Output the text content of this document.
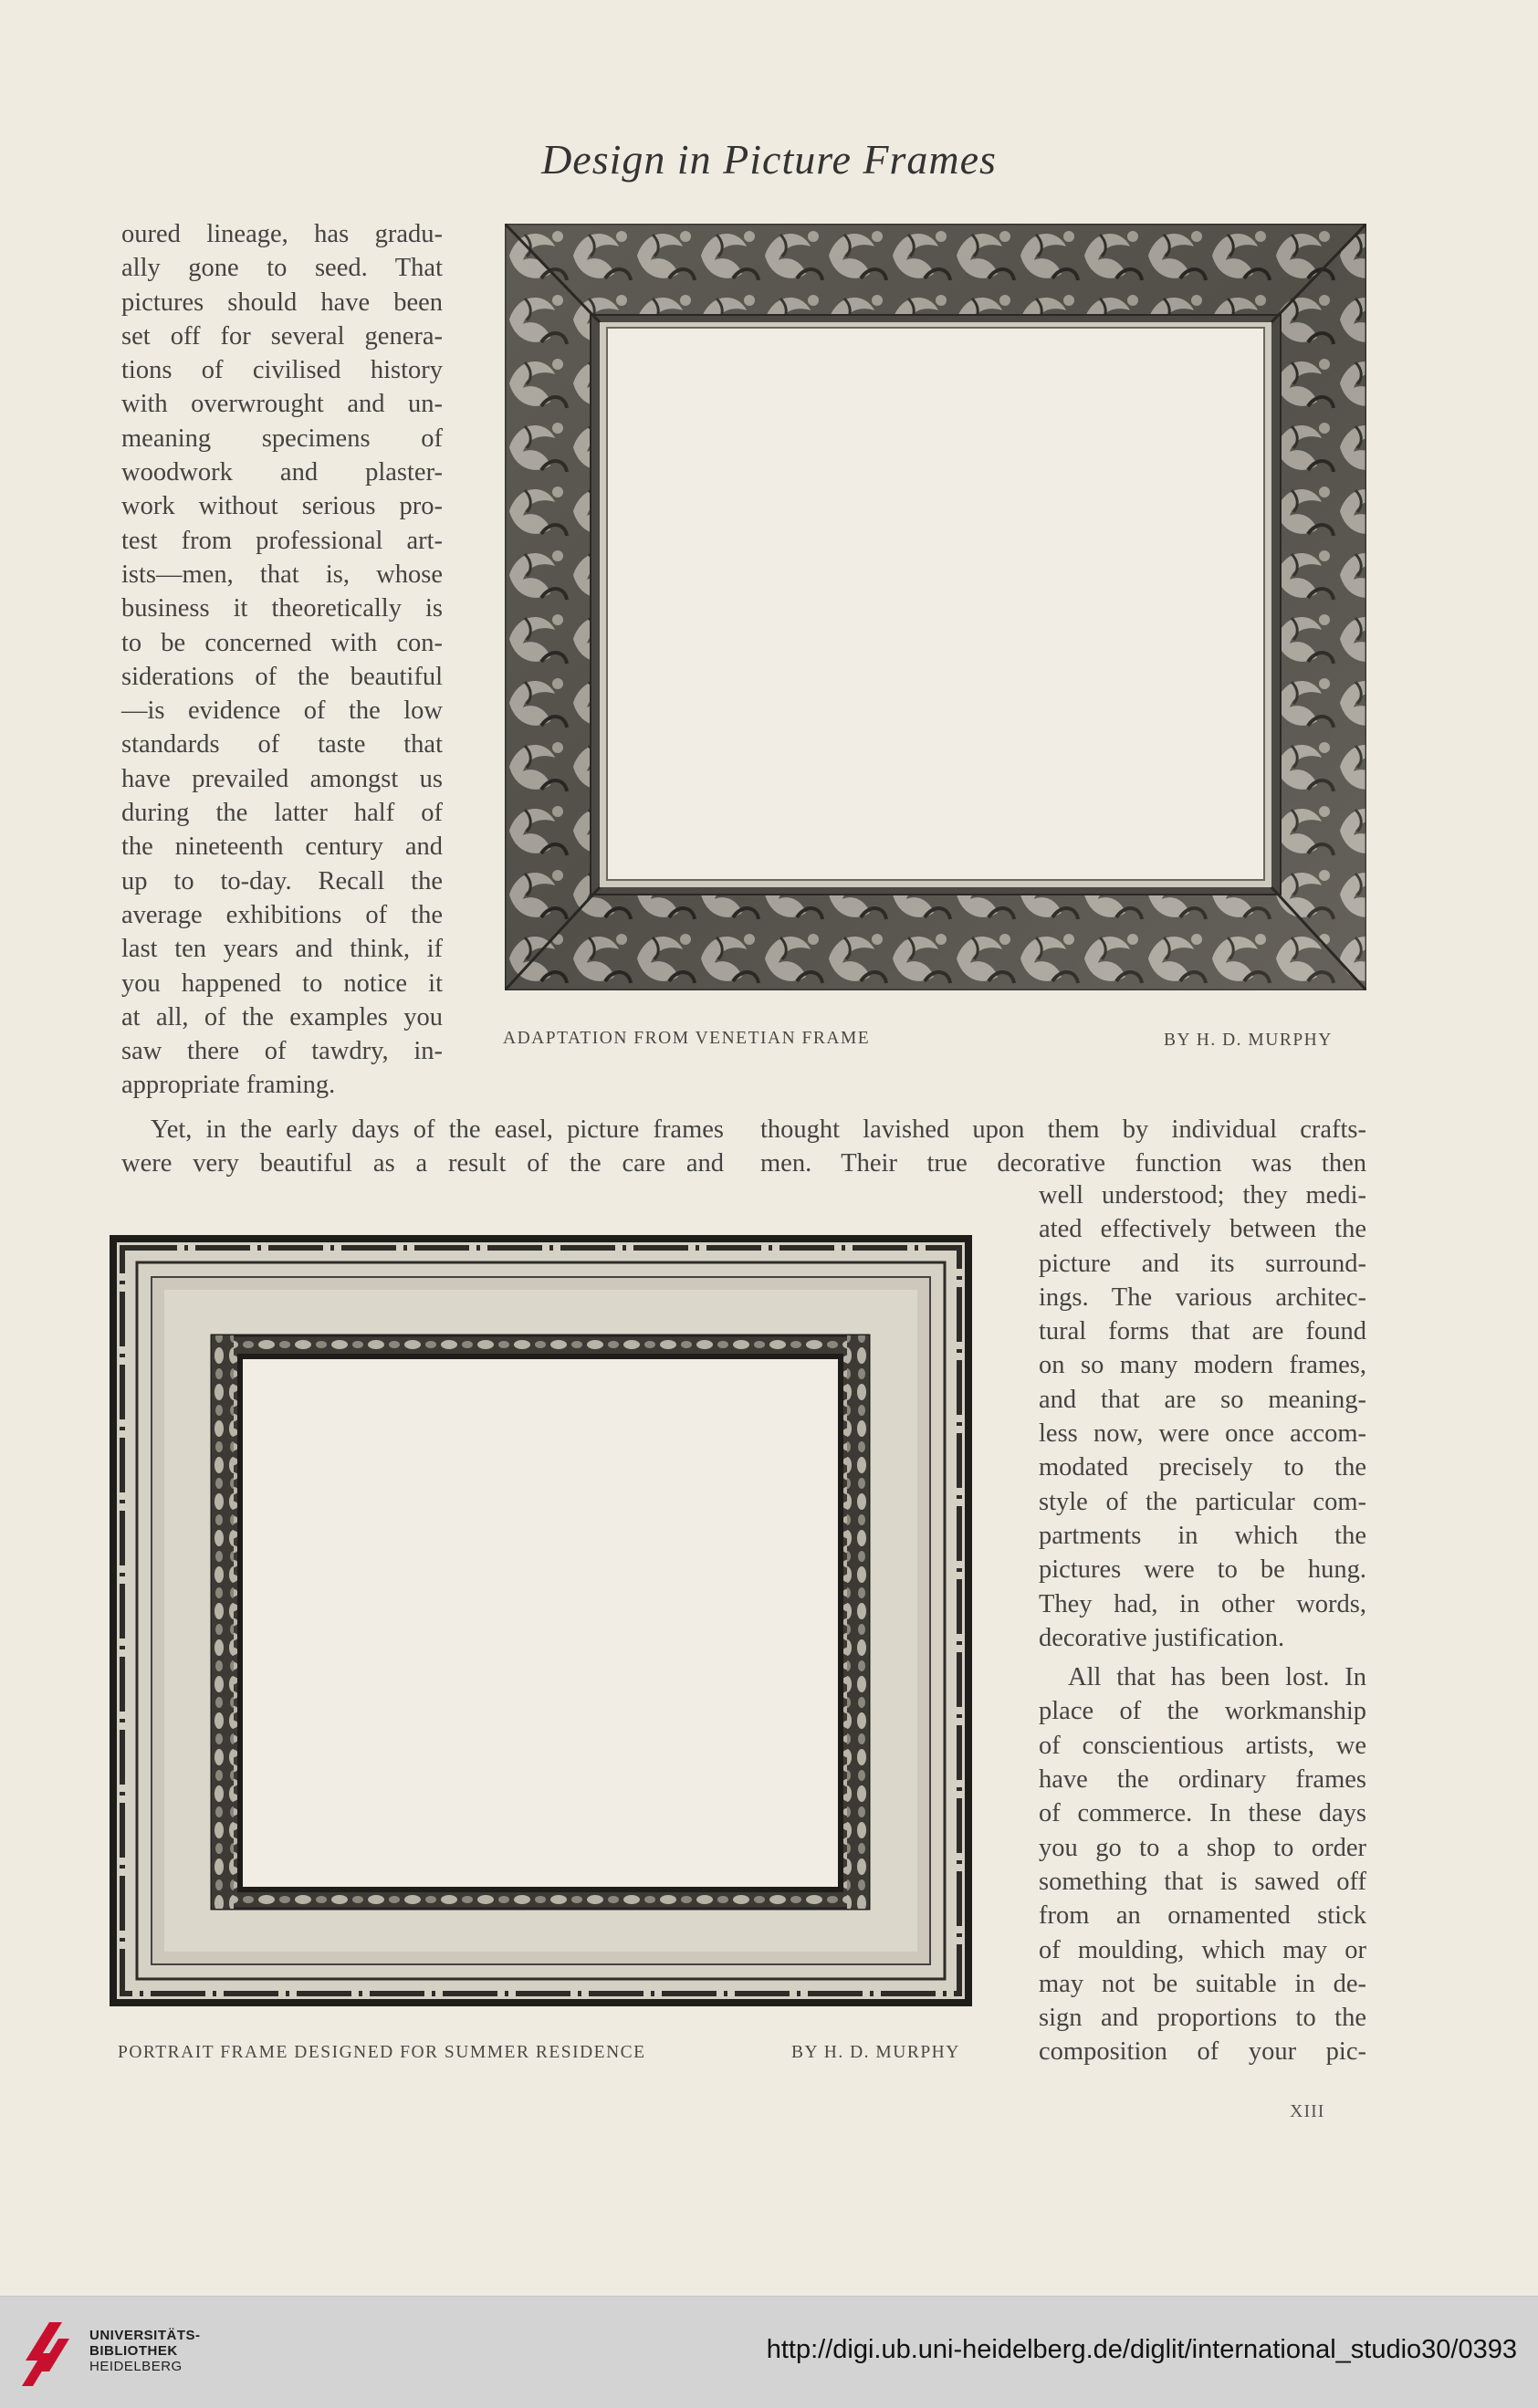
Design in Picture Frames

oured lineage, has gradu-

ally gone to seed. That

pictures should have been

set off for several genera-

tions of civilised history

with overwrought and un-

meaning specimens of

woodwork and plaster-

work without serious pro-

test from professional art-

ists—men, that is, whose

business it theoretically is

to be concerned with con-

siderations of the beautiful

—is evidence of the low

standards of taste that

have prevailed amongst us

during the latter half of

the nineteenth century and

up to to-day. Recall the

average exhibitions of the

last ten years and think, if

you happened to notice it

at all, of the examples you

saw there of tawdry, in-

appropriate framing.

ADAPTATION FROM VENETIAN FRAME	BY H. D. MURPHY

Yet, in the early days of the easel, picture frames

were very beautiful as a result of the care and

thought lavished upon them by individual crafts-

men. Their true decorative function was then

PORTRAIT FRAME DESIGNED FOR SUMMER RESIDENCE	BY H. D. MURPHY

well understood; they medi-

ated effectively between the

picture and its surround-

ings. The various architec-

tural forms that are found

on so many modern frames,

and that are so meaning-

less now, were once accom-

modated precisely to the

style of the particular com-

partments in which the

pictures were to be hung.

They had, in other words,

decorative justification.

All that has been lost. In

place of the workmanship

of conscientious artists, we

have the ordinary frames

of commerce. In these days

you go to a shop to order

something that is sawed off

from an ornamented stick

of moulding, which may or

may not be suitable in de-

sign and proportions to the

composition of your pic-

XIII
UNIVERSITÄTS-
BIBLIOTHEK
HEIDELBERG
http://digi.ub.uni-heidelberg.de/diglit/international_studio30/0393
